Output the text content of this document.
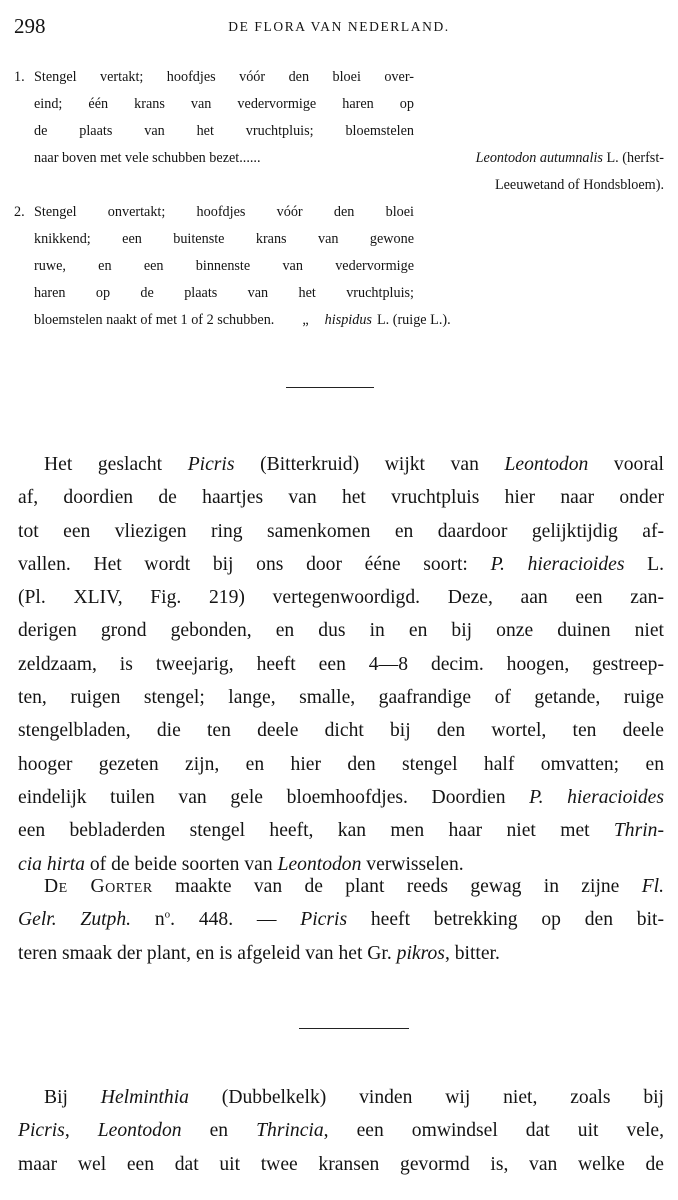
298	DE FLORA VAN NEDERLAND.
1. Stengel vertakt; hoofdjes vóór den bloei over-
eind; één krans van vedervormige haren op
de plaats van het vruchtpluis; bloemstelen
naar boven met vele schubben bezet ......	Leontodon autumnalis L. (herfst-
Leeuwetand of Hondsbloem).
2. Stengel onvertakt; hoofdjes vóór den bloei
knikkend; een buitenste krans van gewone
ruwe, en een binnenste van vedervormige
haren op de plaats van het vruchtpluis;
bloemstelen naakt of met 1 of 2 schubben. „ hispidus L. (ruige L.).
Het geslacht Picris (Bitterkruid) wijkt van Leontodon vooral
af, doordien de haartjes van het vruchtpluis hier naar onder
tot een vliezigen ring samenkomen en daardoor gelijktijdig af-
vallen. Het wordt bij ons door ééne soort: P. hieracioides L.
(Pl. XLIV, Fig. 219) vertegenwoordigd. Deze, aan een zan-
derigen grond gebonden, en dus in en bij onze duinen niet
zeldzaam, is tweejarig, heeft een 4—8 decim. hoogen, gestreep-
ten, ruigen stengel; lange, smalle, gaafrandige of getande, ruige
stengelbladen, die ten deele dicht bij den wortel, ten deele
hooger gezeten zijn, en hier den stengel half omvatten; en
eindelijk tuilen van gele bloemhoofdjes. Doordien P. hieracioides
een bebladerden stengel heeft, kan men haar niet met Thrin-
cia hirta of de beide soorten van Leontodon verwisselen.
De Gorter maakte van de plant reeds gewag in zijne Fl.
Gelr. Zutph. $n^o$. 448. — Picris heeft betrekking op den bit-
teren smaak der plant, en is afgeleid van het Gr. pikros, bitter.
Bij Helminthia (Dubbelkelk) vinden wij niet, zoals bij
Picris, Leontodon en Thrincia, een omwindsel dat uit vele,
maar wel een dat uit twee kransen gevormd is, van welke de
